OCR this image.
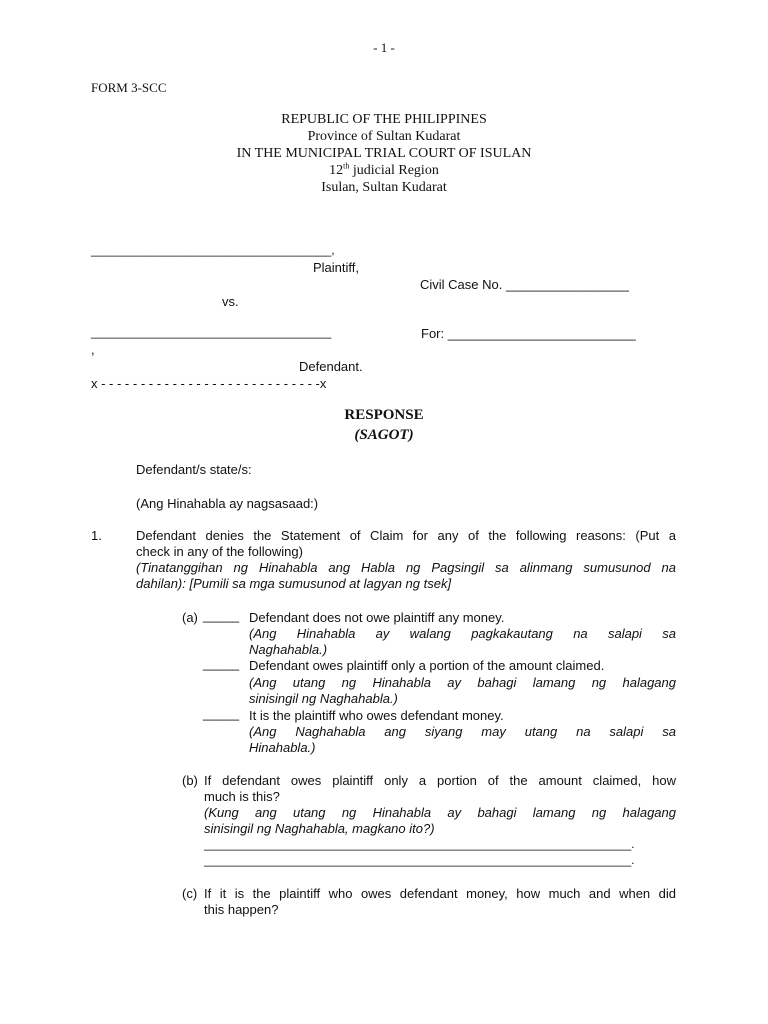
- 1 -
FORM 3-SCC
REPUBLIC OF THE PHILIPPINES
Province of Sultan Kudarat
IN THE MUNICIPAL TRIAL COURT OF ISULAN
12th judicial Region
Isulan, Sultan Kudarat
____________________________________,
Plaintiff,
Civil Case No. _________________
vs.
____________________________________	For: __________________________
,
Defendant.
x - - - - - - - - - - - - - - - - - - - - - - - - - - - -x
RESPONSE
(SAGOT)
Defendant/s state/s:
(Ang Hinahabla ay nagsasaad:)
1.	Defendant denies the Statement of Claim for any of the following reasons: (Put a
check in any of the following)
(Tinatanggihan ng Hinahabla ang Habla ng Pagsingil sa alinmang sumusunod na
dahilan): [Pumili sa mga sumusunod at lagyan ng tsek]
(a) _____ Defendant does not owe plaintiff any money.
(Ang Hinahabla ay walang pagkakautang na salapi sa
Naghahabla.)
_____ Defendant owes plaintiff only a portion of the amount claimed.
(Ang utang ng Hinahabla ay bahagi lamang ng halagang
sinisingil ng Naghahabla.)
_____ It is the plaintiff who owes defendant money.
(Ang Naghahabla ang siyang may utang na salapi sa
Hinahabla.)
(b) If defendant owes plaintiff only a portion of the amount claimed, how
much is this?
(Kung ang utang ng Hinahabla ay bahagi lamang ng halagang
sinisingil ng Naghahabla, magkano ito?)
________________________________________________________________.
________________________________________________________________.
(c) If it is the plaintiff who owes defendant money, how much and when did
this happen?
